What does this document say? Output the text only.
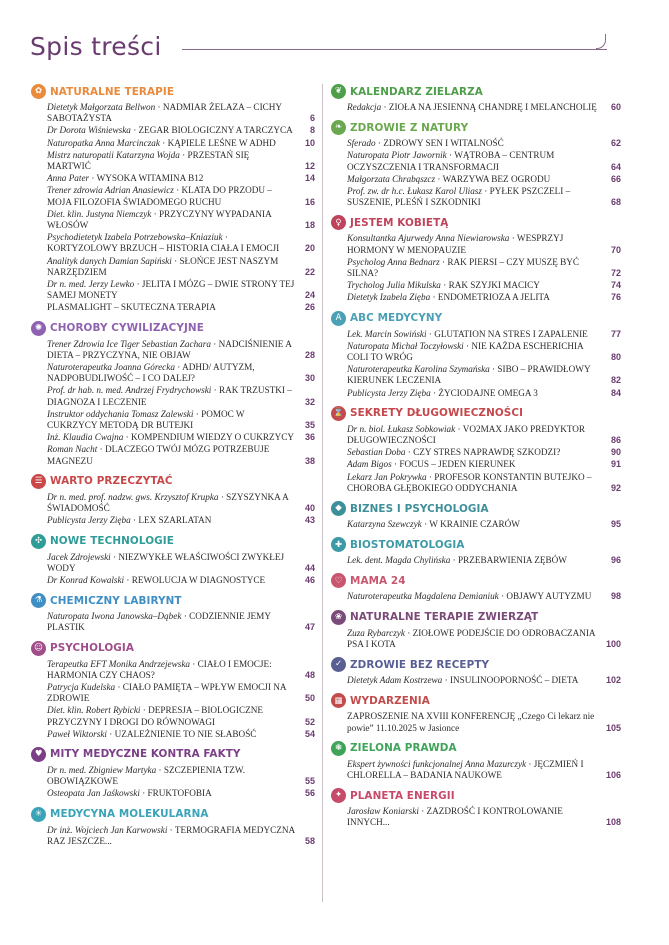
Spis treści
✿ NATURALNE TERAPIE
Dietetyk Małgorzata Bellwon · NADMIAR ŻELAZA – CICHY SABOTAŻYSTA	6
Dr Dorota Wiśniewska · ZEGAR BIOLOGICZNY A TARCZYCA	8
Naturopatka Anna Marcinczak · KĄPIELE LEŚNE W ADHD	10
Mistrz naturopatii Katarzyna Wojda · PRZESTAŃ SIĘ MARTWIĆ	12
Anna Pater · WYSOKA WITAMINA B12	14
Trener zdrowia Adrian Anasiewicz · KLATA DO PRZODU – MOJA FILOZOFIA ŚWIADOMEGO RUCHU	16
Diet. klin. Justyna Niemczyk · PRZYCZYNY WYPADANIA WŁOSÓW	18
Psychodietetyk Izabela Potrzebowska–Kniaziuk · KORTYZOLOWY BRZUCH – HISTORIA CIAŁA I EMOCJI	20
Analityk danych Damian Sapiński · SŁOŃCE JEST NASZYM NARZĘDZIEM	22
Dr n. med. Jerzy Lewko · JELITA I MÓZG – DWIE STRONY TEJ SAMEJ MONETY	24
PLASMALIGHT – SKUTECZNA TERAPIA	26
✺ CHOROBY CYWILIZACYJNE
Trener Zdrowia Ice Tiger Sebastian Zachara · NADCIŚNIENIE A DIETA – PRZYCZYNA, NIE OBJAW	28
Naturoterapeutka Joanna Górecka · ADHD/ AUTYZM, NADPOBUDLIWOŚĆ – I CO DALEJ?	30
Prof. dr hab. n. med. Andrzej Frydrychowski · RAK TRZUSTKI – DIAGNOZA I LECZENIE	32
Instruktor oddychania Tomasz Zalewski · POMOC W CUKRZYCY METODĄ DR BUTEJKI	35
Inż. Klaudia Cwajna · KOMPENDIUM WIEDZY O CUKRZYCY	36
Roman Nacht · DLACZEGO TWÓJ MÓZG POTRZEBUJE MAGNEZU	38
☰ WARTO PRZECZYTAĆ
Dr n. med. prof. nadzw. gws. Krzysztof Krupka · SZYSZYNKA A ŚWIADOMOŚĆ	40
Publicysta Jerzy Zięba · LEX SZARLATAN	43
✣ NOWE TECHNOLOGIE
Jacek Zdrojewski · NIEZWYKŁE WŁAŚCIWOŚCI ZWYKŁEJ WODY	44
Dr Konrad Kowalski · REWOLUCJA W DIAGNOSTYCE	46
⚗ CHEMICZNY LABIRYNT
Naturopata Iwona Janowska–Dąbek · CODZIENNIE JEMY PLASTIK	47
☺ PSYCHOLOGIA
Terapeutka EFT Monika Andrzejewska · CIAŁO I EMOCJE: HARMONIA CZY CHAOS?	48
Patrycja Kudelska · CIAŁO PAMIĘTA – WPŁYW EMOCJI NA ZDROWIE	50
Diet. klin. Robert Rybicki · DEPRESJA – BIOLOGICZNE PRZYCZYNY I DROGI DO RÓWNOWAGI	52
Paweł Wiktorski · UZALEŻNIENIE TO NIE SŁABOŚĆ	54
♥ MITY MEDYCZNE KONTRA FAKTY
Dr n. med. Zbigniew Martyka · SZCZEPIENIA TZW. OBOWIĄZKOWE	55
Osteopata Jan Jaśkowski · FRUKTOFOBIA	56
✳ MEDYCYNA MOLEKULARNA
Dr inż. Wojciech Jan Karwowski · TERMOGRAFIA MEDYCZNA RAZ JESZCZE...	58
❦ KALENDARZ ZIELARZA
Redakcja · ZIOŁA NA JESIENNĄ CHANDRĘ I MELANCHOLIĘ	60
❧ ZDROWIE Z NATURY
Sferado · ZDROWY SEN I WITALNOŚĆ	62
Naturopata Piotr Jawornik · WĄTROBA – CENTRUM OCZYSZCZENIA I TRANSFORMACJI	64
Małgorzata Chrabąszcz · WARZYWA BEZ OGRODU	66
Prof. zw. dr h.c. Łukasz Karol Uliasz · PYŁEK PSZCZELI – SUSZENIE, PLEŚŃ I SZKODNIKI	68
♀ JESTEM KOBIETĄ
Konsultantka Ajurwedy Anna Niewiarowska · WESPRZYJ HORMONY W MENOPAUZIE	70
Psycholog Anna Bednarz · RAK PIERSI – CZY MUSZĘ BYĆ SILNA?	72
Trycholog Julia Mikulska · RAK SZYJKI MACICY	74
Dietetyk Izabela Zięba · ENDOMETRIOZA A JELITA	76
A ABC MEDYCYNY
Lek. Marcin Sowiński · GLUTATION NA STRES I ZAPALENIE	77
Naturopata Michał Toczyłowski · NIE KAŻDA ESCHERICHIA COLI TO WRÓG	80
Naturoterapeutka Karolina Szymańska · SIBO – PRAWIDŁOWY KIERUNEK LECZENIA	82
Publicysta Jerzy Zięba · ŻYCIODAJNE OMEGA 3	84
⌛ SEKRETY DŁUGOWIECZNOŚCI
Dr n. biol. Łukasz Sobkowiak · VO2MAX JAKO PREDYKTOR DŁUGOWIECZNOŚCI	86
Sebastian Doba · CZY STRES NAPRAWDĘ SZKODZI?	90
Adam Bigos · FOCUS – JEDEN KIERUNEK	91
Lekarz Jan Pokrywka · PROFESOR KONSTANTIN BUTEJKO – CHOROBA GŁĘBOKIEGO ODDYCHANIA	92
◆ BIZNES I PSYCHOLOGIA
Katarzyna Szewczyk · W KRAINIE CZARÓW	95
✚ BIOSTOMATOLOGIA
Lek. dent. Magda Chylińska · PRZEBARWIENIA ZĘBÓW	96
♡ MAMA 24
Naturoterapeutka Magdalena Demianiuk · OBJAWY AUTYZMU	98
❀ NATURALNE TERAPIE ZWIERZĄT
Zuza Rybarczyk · ZIOŁOWE PODEJŚCIE DO ODROBACZANIA PSA I KOTA	100
✓ ZDROWIE BEZ RECEPTY
Dietetyk Adam Kostrzewa · INSULINOOPORNOŚĆ – DIETA	102
▦ WYDARZENIA
ZAPROSZENIE NA XVIII KONFERENCJĘ „Czego Ci lekarz nie powie” 11.10.2025 w Jasionce	105
❃ ZIELONA PRAWDA
Ekspert żywności funkcjonalnej Anna Mazurczyk · JĘCZMIEŃ I CHLORELLA – BADANIA NAUKOWE	106
✦ PLANETA ENERGII
Jarosław Koniarski · ZAZDROŚĆ I KONTROLOWANIE INNYCH...	108
